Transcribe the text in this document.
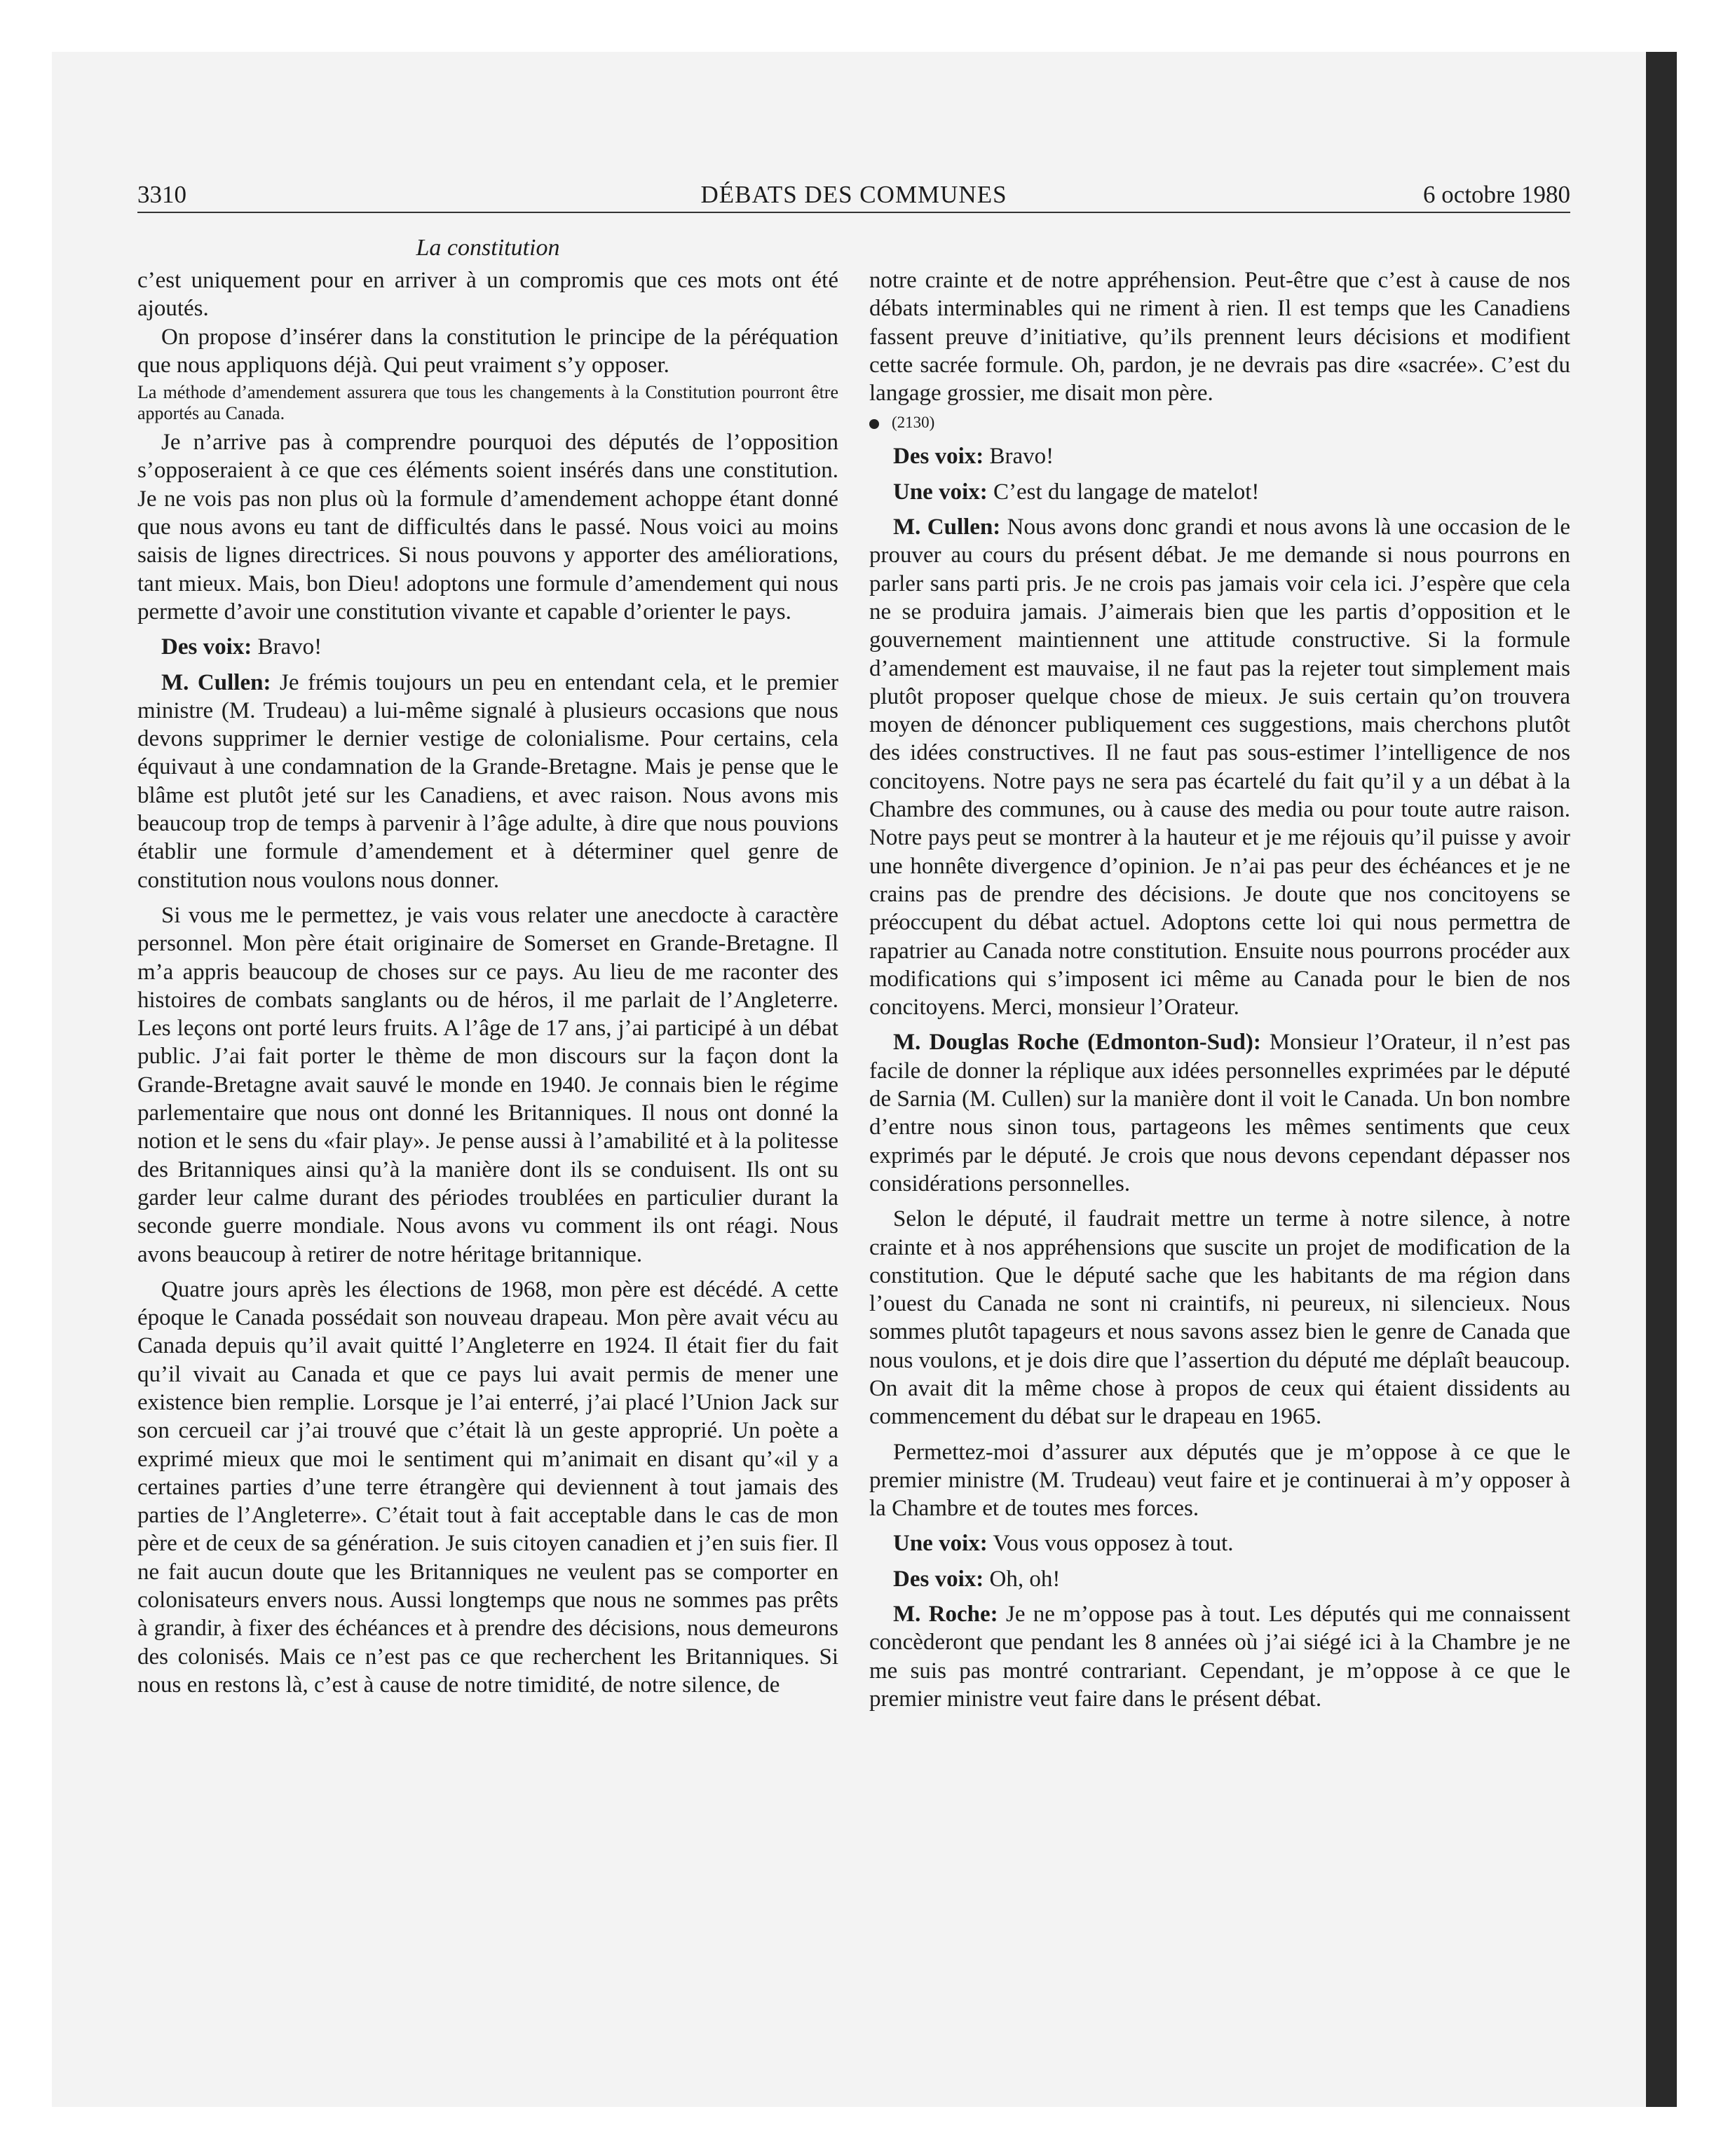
3310	DÉBATS DES COMMUNES	6 octobre 1980
La constitution

c’est uniquement pour en arriver à un compromis que ces mots ont été ajoutés.

On propose d’insérer dans la constitution le principe de la péréquation que nous appliquons déjà. Qui peut vraiment s’y opposer.

La méthode d’amendement assurera que tous les changements à la Constitution pourront être apportés au Canada.

Je n’arrive pas à comprendre pourquoi des députés de l’opposition s’opposeraient à ce que ces éléments soient insérés dans une constitution. Je ne vois pas non plus où la formule d’amendement achoppe étant donné que nous avons eu tant de difficultés dans le passé. Nous voici au moins saisis de lignes directrices. Si nous pouvons y apporter des améliorations, tant mieux. Mais, bon Dieu! adoptons une formule d’amendement qui nous permette d’avoir une constitution vivante et capable d’orienter le pays.

Des voix: Bravo!

M. Cullen: Je frémis toujours un peu en entendant cela, et le premier ministre (M. Trudeau) a lui-même signalé à plusieurs occasions que nous devons supprimer le dernier vestige de colonialisme. Pour certains, cela équivaut à une condamnation de la Grande-Bretagne. Mais je pense que le blâme est plutôt jeté sur les Canadiens, et avec raison. Nous avons mis beaucoup trop de temps à parvenir à l’âge adulte, à dire que nous pouvions établir une formule d’amendement et à déterminer quel genre de constitution nous voulons nous donner.

Si vous me le permettez, je vais vous relater une anecdocte à caractère personnel. Mon père était originaire de Somerset en Grande-Bretagne. Il m’a appris beaucoup de choses sur ce pays. Au lieu de me raconter des histoires de combats sanglants ou de héros, il me parlait de l’Angleterre. Les leçons ont porté leurs fruits. A l’âge de 17 ans, j’ai participé à un débat public. J’ai fait porter le thème de mon discours sur la façon dont la Grande-Bretagne avait sauvé le monde en 1940. Je connais bien le régime parlementaire que nous ont donné les Britanniques. Il nous ont donné la notion et le sens du «fair play». Je pense aussi à l’amabilité et à la politesse des Britanniques ainsi qu’à la manière dont ils se conduisent. Ils ont su garder leur calme durant des périodes troublées en particulier durant la seconde guerre mondiale. Nous avons vu comment ils ont réagi. Nous avons beaucoup à retirer de notre héritage britannique.

Quatre jours après les élections de 1968, mon père est décédé. A cette époque le Canada possédait son nouveau drapeau. Mon père avait vécu au Canada depuis qu’il avait quitté l’Angleterre en 1924. Il était fier du fait qu’il vivait au Canada et que ce pays lui avait permis de mener une existence bien remplie. Lorsque je l’ai enterré, j’ai placé l’Union Jack sur son cercueil car j’ai trouvé que c’était là un geste approprié. Un poète a exprimé mieux que moi le sentiment qui m’animait en disant qu’«il y a certaines parties d’une terre étrangère qui deviennent à tout jamais des parties de l’Angleterre». C’était tout à fait acceptable dans le cas de mon père et de ceux de sa génération. Je suis citoyen canadien et j’en suis fier. Il ne fait aucun doute que les Britanniques ne veulent pas se comporter en colonisateurs envers nous. Aussi longtemps que nous ne sommes pas prêts à grandir, à fixer des échéances et à prendre des décisions, nous demeurons des colonisés. Mais ce n’est pas ce que recherchent les Britanniques. Si nous en restons là, c’est à cause de notre timidité, de notre silence, de

notre crainte et de notre appréhension. Peut-être que c’est à cause de nos débats interminables qui ne riment à rien. Il est temps que les Canadiens fassent preuve d’initiative, qu’ils prennent leurs décisions et modifient cette sacrée formule. Oh, pardon, je ne devrais pas dire «sacrée». C’est du langage grossier, me disait mon père.

(2130)

Des voix: Bravo!

Une voix: C’est du langage de matelot!

M. Cullen: Nous avons donc grandi et nous avons là une occasion de le prouver au cours du présent débat. Je me demande si nous pourrons en parler sans parti pris. Je ne crois pas jamais voir cela ici. J’espère que cela ne se produira jamais. J’aimerais bien que les partis d’opposition et le gouvernement maintiennent une attitude constructive. Si la formule d’amendement est mauvaise, il ne faut pas la rejeter tout simplement mais plutôt proposer quelque chose de mieux. Je suis certain qu’on trouvera moyen de dénoncer publiquement ces suggestions, mais cherchons plutôt des idées constructives. Il ne faut pas sous-estimer l’intelligence de nos concitoyens. Notre pays ne sera pas écartelé du fait qu’il y a un débat à la Chambre des communes, ou à cause des media ou pour toute autre raison. Notre pays peut se montrer à la hauteur et je me réjouis qu’il puisse y avoir une honnête divergence d’opinion. Je n’ai pas peur des échéances et je ne crains pas de prendre des décisions. Je doute que nos concitoyens se préoccupent du débat actuel. Adoptons cette loi qui nous permettra de rapatrier au Canada notre constitution. Ensuite nous pourrons procéder aux modifications qui s’imposent ici même au Canada pour le bien de nos concitoyens. Merci, monsieur l’Orateur.

M. Douglas Roche (Edmonton-Sud): Monsieur l’Orateur, il n’est pas facile de donner la réplique aux idées personnelles exprimées par le député de Sarnia (M. Cullen) sur la manière dont il voit le Canada. Un bon nombre d’entre nous sinon tous, partageons les mêmes sentiments que ceux exprimés par le député. Je crois que nous devons cependant dépasser nos considérations personnelles.

Selon le député, il faudrait mettre un terme à notre silence, à notre crainte et à nos appréhensions que suscite un projet de modification de la constitution. Que le député sache que les habitants de ma région dans l’ouest du Canada ne sont ni craintifs, ni peureux, ni silencieux. Nous sommes plutôt tapageurs et nous savons assez bien le genre de Canada que nous voulons, et je dois dire que l’assertion du député me déplaît beaucoup. On avait dit la même chose à propos de ceux qui étaient dissidents au commencement du débat sur le drapeau en 1965.

Permettez-moi d’assurer aux députés que je m’oppose à ce que le premier ministre (M. Trudeau) veut faire et je continuerai à m’y opposer à la Chambre et de toutes mes forces.

Une voix: Vous vous opposez à tout.

Des voix: Oh, oh!

M. Roche: Je ne m’oppose pas à tout. Les députés qui me connaissent concèderont que pendant les 8 années où j’ai siégé ici à la Chambre je ne me suis pas montré contrariant. Cependant, je m’oppose à ce que le premier ministre veut faire dans le présent débat.
